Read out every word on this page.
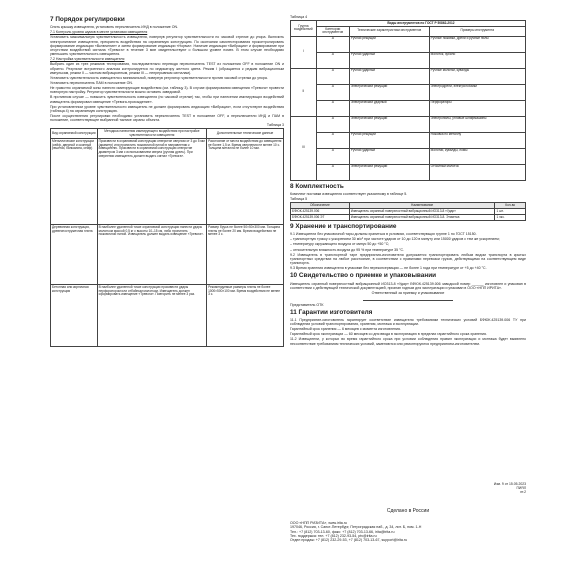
7 Порядок регулировки

Снять крышку извещателя, установить переключатель ИНД в положение ON.

7.1 Контроль уровня шумов в месте установки извещателя

Установить максимальную чувствительность извещателя, повернув регулятор чувствительности по часовой стрелке до упора. Включить электропитание извещателя, прекратить воздействия на охраняемую конструкцию. По окончании самотестирования проконтролировать формирование индикации «Включение» и затем формирование индикации «Норма». Наличие индикации «Вибрация» и формирование при отсутствии воздействий сигнала «Тревога» в течение 3 мин свидетельствуют о большом уровне помех. В этом случае необходимо уменьшить чувствительность извещателя.

7.2 Настройка чувствительности извещателя

Выбрать один из трех режимов тестирования, последовательно переводя переключатель TEST из положения OFF в положение ON и обратно. Результат встроенного анализа контролируется по индикатору желтого цвета. Режим I (обращается к редким вибрационным импульсам, режим II — частым вибрационным, режим III — непрерывным сигналам).

Установить чувствительность извещателя к минимальной, повернув регулятор чувствительности против часовой стрелки до упора.

Установить переключатель ПАМ в положение ON.

Не грамотно охраняемой зоны нанести имитирующие воздействия (см. таблицу 3). В случае формирования извещения «Тревога» провести повторную настройку. Регулятор чувствительности можно оставить заведомой.

В противном случае — повысить чувствительность извещателя (по часовой стрелке) так, чтобы при нанесении имитирующих воздействий извещатель формировал извещение «Тревога-прохождение».

При установленном уровне чувствительности извещатель не должен формировать индикацию «Вибрация», если отсутствуют воздействия (таблица 4) на охраняемую конструкцию.

После осуществления регулировки необходимо установить переключатель TEST в положение OFF, а переключатели ИНД и ПАМ в положение, соответствующее выбранной тактике охраны объекта.

Таблица 3
Вид охраняемой конструкции	Методика нанесения имитирующего воздействия при настройке чувствительности извещателя	Дополнительные технические данные
Металлические конструкции (сейф, дверной и оконный решетки, банкомата, сейф)	Произвести в охраняемой конструкции отверстие сверлом от 3 до 5 мм (диаметр) или пропилить ножовочной пилой в направлении к извещателю. Произвести в охраняемой конструкции отверстие диаметром 3 мм с использованием сверла (ручная дрель). При сверлении извещатель должен выдать сигнал «Тревога».	Расстояние от места воздействия до извещателя не более 1,5 м. Время сверления не менее 10 с. Толщина металла не более 10 мм.
Деревянная конструкция, древесностружечная плита	В наиболее удаленной точке охраняемой конструкции нанести удары молотком массой 0,5 кг с высоты 10–15 см, либо пропилить ножовочной пилой. Извещатель должен выдать извещение «Тревога».	Размер бруса не более 50×50×300 мм. Толщина плиты не более 20 мм. Время воздействия не менее 3 с.
Бетонная или кирпичная конструкция	В наиболее удаленной точке конструкции произвести удары перфоратором или отбойным молотком. Извещатель должен сформировать извещение «Тревога». Повторить не менее 3 раз.	Рекомендуемые размеры плиты не более 1000×500×100 мм. Время воздействия не менее 3 с.
Таблица 4
Группа воздействий	Виды инструментов по ГОСТ Р 50862-2012		
	Категории инструментов	Технические характеристики инструментов	Примеры инструмента
I	А	Ручной режущий	Ручные ножовки, дрели и ручные пилы
	А	Ручной ударный	Молоток, зубило
II	А	Ручной ударный	Ручные молотки, кувалды
	А	Электрический режущий	Электродрели, электролобзики
	А	Электрический ударный	Перфораторы
III	А	Электрический режущий	Электропилы, угловые шлифмашины
	А	Ручной режущий	Ножовка по металлу
	А	Ручной ударный	Молотки, кувалды, ломы
	А	Электрический режущий	Отбойный молоток
8 Комплектность

Комплект поставки извещателя соответствует указанному в таблице 5.

Таблица 5
Обозначение	Наименование	Кол-во
БФЮК.425139.006	Извещатель охранный поверхностный вибрационный ИО313-8 «Удар»	1 шт.
БФЮК.425139.006 ЭТ	Извещатель охранный поверхностный вибрационный ИО313-8. Этикетка	1 экз.
9 Хранение и транспортирование

9.1 Извещатели без упаковочной тары должны храниться в условиях, соответствующих группе 1 по ГОСТ 15150.

– транспортную тряску с ускорением 30 м/с² при частоте ударов от 10 до 120 в минуту или 15000 ударов с тем же ускорением;

– температуру окружающего воздуха от минус 50 до +50 °С;

– относительную влажность воздуха до 95 % при температуре 35 °С.

9.2 Извещатель в транспортной таре предприятия-изготовителя допускается транспортировать любым видом транспорта в крытых транспортных средствах на любое расстояние, в соответствии с правилами перевозки грузов, действующими на соответствующем виде транспорта.

9.3 Время хранения извещателя в упаковке без переконсервации — не более 1 года при температуре от +5 до +40 °С.

10 Свидетельство о приемке и упаковывании

Извещатель охранный поверхностный вибрационный ИО313-8 «Удар» БФЮК.425139.006 заводской номер ______ изготовлен и упакован в соответствии с действующей технической документацией, признан годным для эксплуатации и упакован в ООО «НПП ИРИТА».

Ответственный за приемку и упаковывание
Представитель ОТК
11 Гарантии изготовителя

11.1 Предприятие-изготовитель гарантирует соответствие извещателя требованиям технических условий БФЮК.425139.006 ТУ при соблюдении условий транспортирования, хранения, монтажа и эксплуатации.

Гарантийный срок хранения — 6 месяцев с момента изготовления.

Гарантийный срок эксплуатации — 60 месяцев со дня ввода в эксплуатацию в пределах гарантийного срока хранения.

11.2 Извещатели, у которых во время гарантийного срока при условии соблюдения правил эксплуатации и монтажа будет выявлено несоответствие требованиям технических условий, заменяются или ремонтируются предприятием-изготовителем.

Изм. 9 от 15.05.2023
ПИЯЛ
лт.2
Сделано в России
ООО «НПП РИЗИТА», www.irita.ru
197046, Россия, г. Санкт-Петербург, Петроградская наб., д. 34, лит. Б, пом. 1-Н
Тел.: +7 (812) 703-13-60, факс: +7 (812) 703-13-66, irita@irita.ru
Тех. поддержка: тел. +7 (812) 232-93-54, ptv@irita.ru
Отдел продаж: +7 (812) 232-29-53, +7 (812) 703-13-67, support@irita.ru
